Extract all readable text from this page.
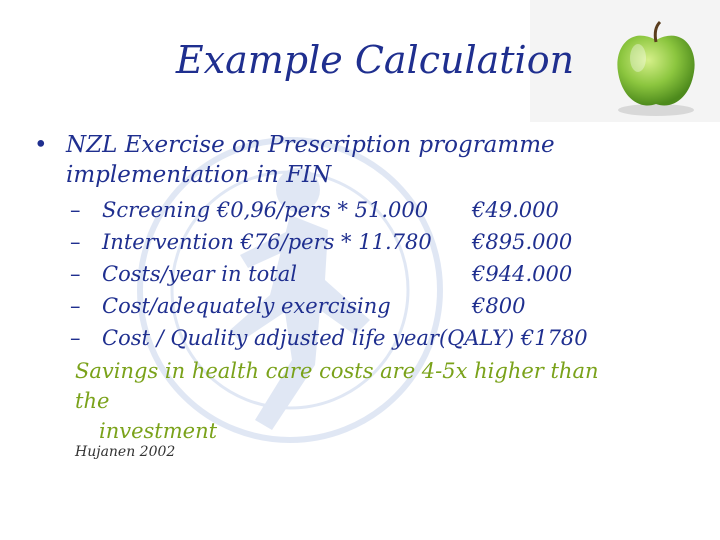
Example Calculation
• NZL Exercise on Prescription programme
implementation in FIN
– Screening €0,96/pers * 51.000 €49.000
– Intervention €76/pers * 11.780 €895.000
– Costs/year in total	€944.000
– Cost/adequately exercising	€800
– Cost / Quality adjusted life year(QALY) €1780
Savings in health care costs are 4-5x higher than the
investment
Hujanen 2002
